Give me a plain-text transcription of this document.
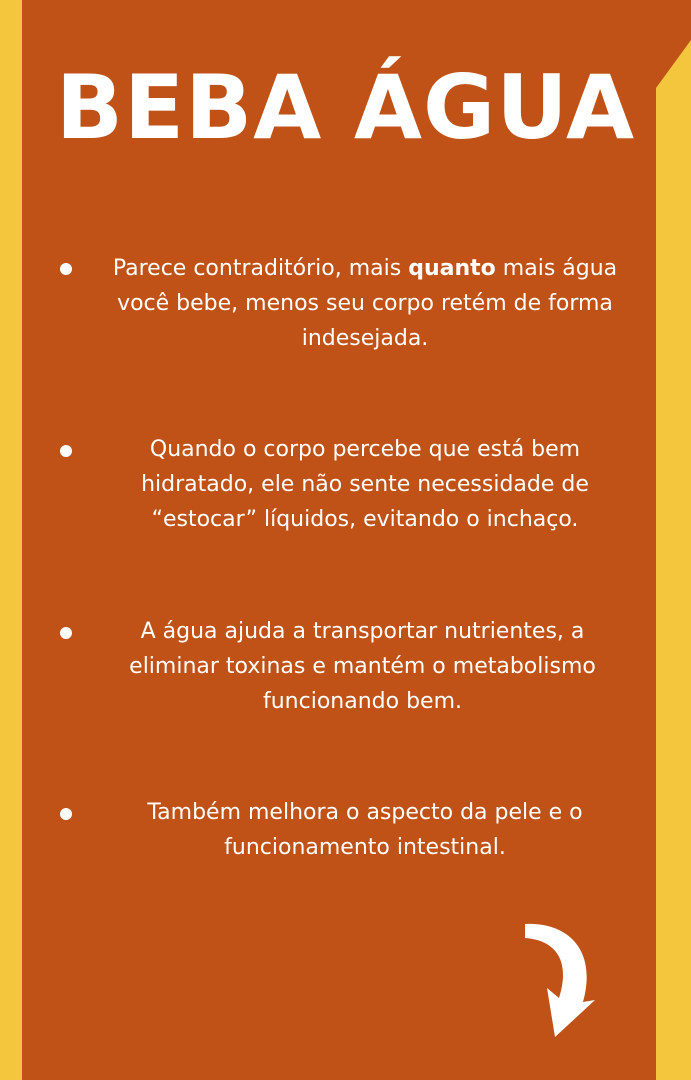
BEBA ÁGUA

Parece contraditório, mais quanto mais água você bebe, menos seu corpo retém de forma indesejada.

Quando o corpo percebe que está bem hidratado, ele não sente necessidade de “estocar” líquidos, evitando o inchaço.

A água ajuda a transportar nutrientes, a eliminar toxinas e mantém o metabolismo funcionando bem.

Também melhora o aspecto da pele e o funcionamento intestinal.
